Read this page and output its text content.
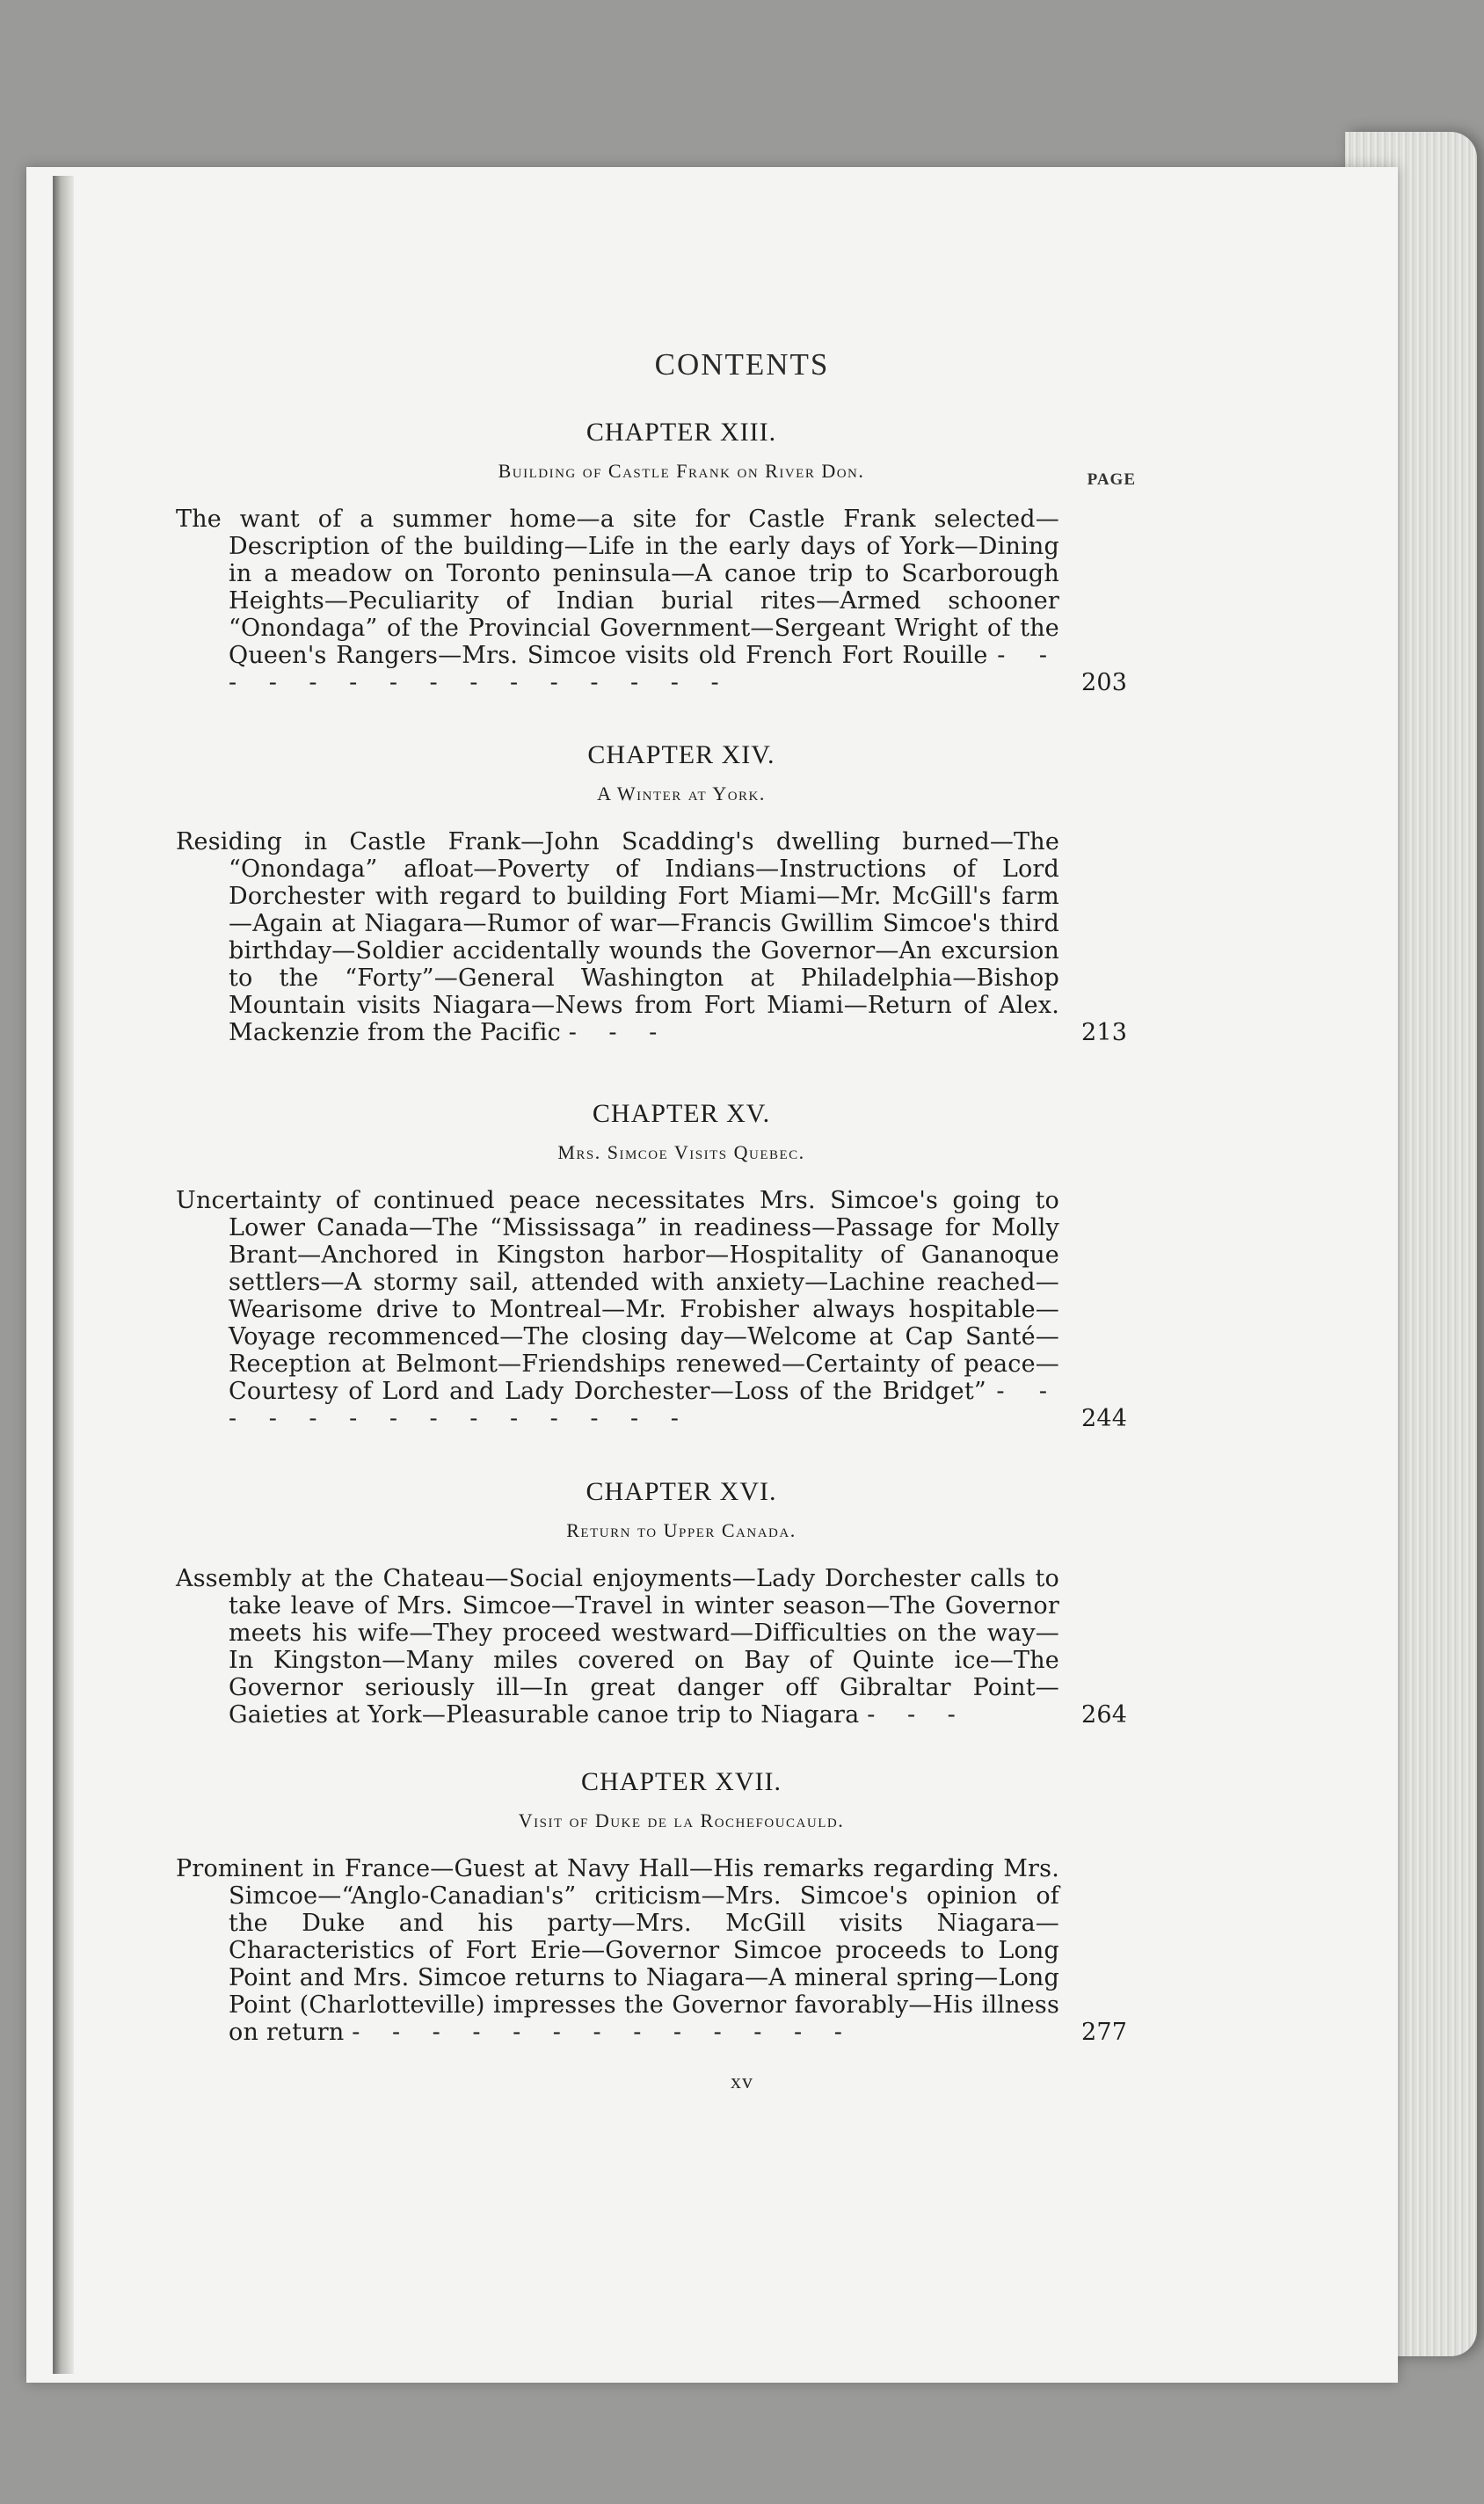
CONTENTS
CHAPTER XIII.
Building of Castle Frank on River Don.	PAGE
The want of a summer home—a site for Castle Frank selected—Description of the building—Life in the early days of York—Dining in a meadow on Toronto peninsula—A canoe trip to Scarborough Heights—Peculiarity of Indian burial rites—Armed schooner “Onondaga” of the Provincial Government—Sergeant Wright of the Queen's Rangers—Mrs. Simcoe visits old French Fort Rouille - - - - - - - - - - - - - - -	203
CHAPTER XIV.
A Winter at York.
Residing in Castle Frank—John Scadding's dwelling burned—The “Onondaga” afloat—Poverty of Indians—Instructions of Lord Dorchester with regard to building Fort Miami—Mr. McGill's farm—Again at Niagara—Rumor of war—Francis Gwillim Simcoe's third birthday—Soldier accidentally wounds the Governor—An excursion to the “Forty”—General Washington at Philadelphia—Bishop Mountain visits Niagara—News from Fort Miami—Return of Alex. Mackenzie from the Pacific - - -	213
CHAPTER XV.
Mrs. Simcoe Visits Quebec.
Uncertainty of continued peace necessitates Mrs. Simcoe's going to Lower Canada—The “Mississaga” in readiness—Passage for Molly Brant—Anchored in Kingston harbor—Hospitality of Gananoque settlers—A stormy sail, attended with anxiety—Lachine reached—Wearisome drive to Montreal—Mr. Frobisher always hospitable—Voyage recommenced—The closing day—Welcome at Cap Santé—Reception at Belmont—Friendships renewed—Certainty of peace—Courtesy of Lord and Lady Dorchester—Loss of the Bridget” - - - - - - - - - - - - - -	244
CHAPTER XVI.
Return to Upper Canada.
Assembly at the Chateau—Social enjoyments—Lady Dorchester calls to take leave of Mrs. Simcoe—Travel in winter season—The Governor meets his wife—They proceed westward—Difficulties on the way—In Kingston—Many miles covered on Bay of Quinte ice—The Governor seriously ill—In great danger off Gibraltar Point—Gaieties at York—Pleasurable canoe trip to Niagara - - -	264
CHAPTER XVII.
Visit of Duke de la Rochefoucauld.
Prominent in France—Guest at Navy Hall—His remarks regarding Mrs. Simcoe—“Anglo-Canadian's” criticism—Mrs. Simcoe's opinion of the Duke and his party—Mrs. McGill visits Niagara—Characteristics of Fort Erie—Governor Simcoe proceeds to Long Point and Mrs. Simcoe returns to Niagara—A mineral spring—Long Point (Charlotteville) impresses the Governor favorably—His illness on return - - - - - - - - - - - - -	277
xv
